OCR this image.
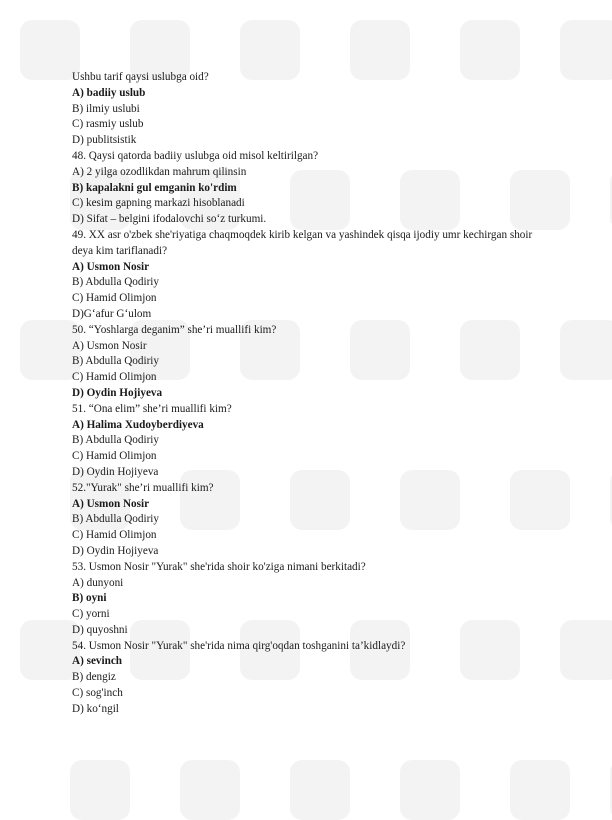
Ushbu tarif qaysi uslubga oid?
A) badiiy uslub
B) ilmiy uslubi
C) rasmiy uslub
D) publitsistik
48. Qaysi qatorda badiiy uslubga oid misol keltirilgan?
A) 2 yilga ozodlikdan mahrum qilinsin
B) kapalakni gul emganin ko'rdim
C) kesim gapning markazi hisoblanadi
D) Sifat – belgini ifodalovchi so‘z turkumi.
49. XX asr o'zbek she'riyatiga chaqmoqdek kirib kelgan va yashindek qisqa ijodiy umr kechirgan shoir deya kim tariflanadi?
A) Usmon Nosir
B) Abdulla Qodiriy
C) Hamid Olimjon
D)G‘afur G‘ulom
50. “Yoshlarga deganim” she’ri muallifi kim?
A) Usmon Nosir
B) Abdulla Qodiriy
C) Hamid Olimjon
D) Oydin Hojiyeva
51. “Ona elim” she’ri muallifi kim?
A) Halima Xudoyberdiyeva
B) Abdulla Qodiriy
C) Hamid Olimjon
D) Oydin Hojiyeva
52."Yurak" she’ri muallifi kim?
A) Usmon Nosir
B) Abdulla Qodiriy
C) Hamid Olimjon
D) Oydin Hojiyeva
53. Usmon Nosir "Yurak" she'rida shoir ko'ziga nimani berkitadi?
A) dunyoni
B) oyni
C) yorni
D) quyoshni
54. Usmon Nosir "Yurak" she'rida nima qirg'oqdan toshganini ta’kidlaydi?
A) sevinch
B) dengiz
C) sog'inch
D) ko‘ngil
